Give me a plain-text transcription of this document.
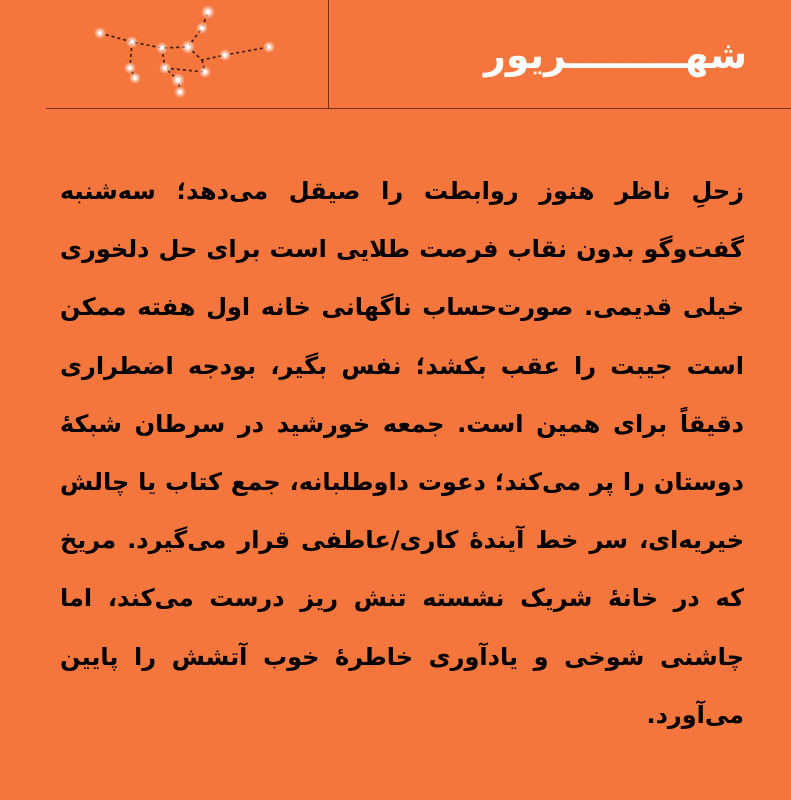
شهـــــــــریور
زحلِ ناظر هنوز روابطت را صیقل می‌دهد؛ سه‌شنبه گفت‌وگو بدون نقاب فرصت طلایی است برای حل دلخوری خیلی قدیمی. صورت‌حساب ناگهانی خانه اول هفته ممکن است جیبت را عقب بکشد؛ نفس بگیر، بودجه اضطراری دقیقاً برای همین است. جمعه خورشید در سرطان شبکهٔ دوستان را پر می‌کند؛ دعوت داوطلبانه، جمع کتاب یا چالش خیریه‌ای، سر خط آیندهٔ کاری/عاطفی قرار می‌گیرد. مریخ که در خانهٔ شریک نشسته تنش ریز درست می‌کند، اما چاشنی شوخی و یادآوری خاطرهٔ خوب آتشش را پایین می‌آورد.
